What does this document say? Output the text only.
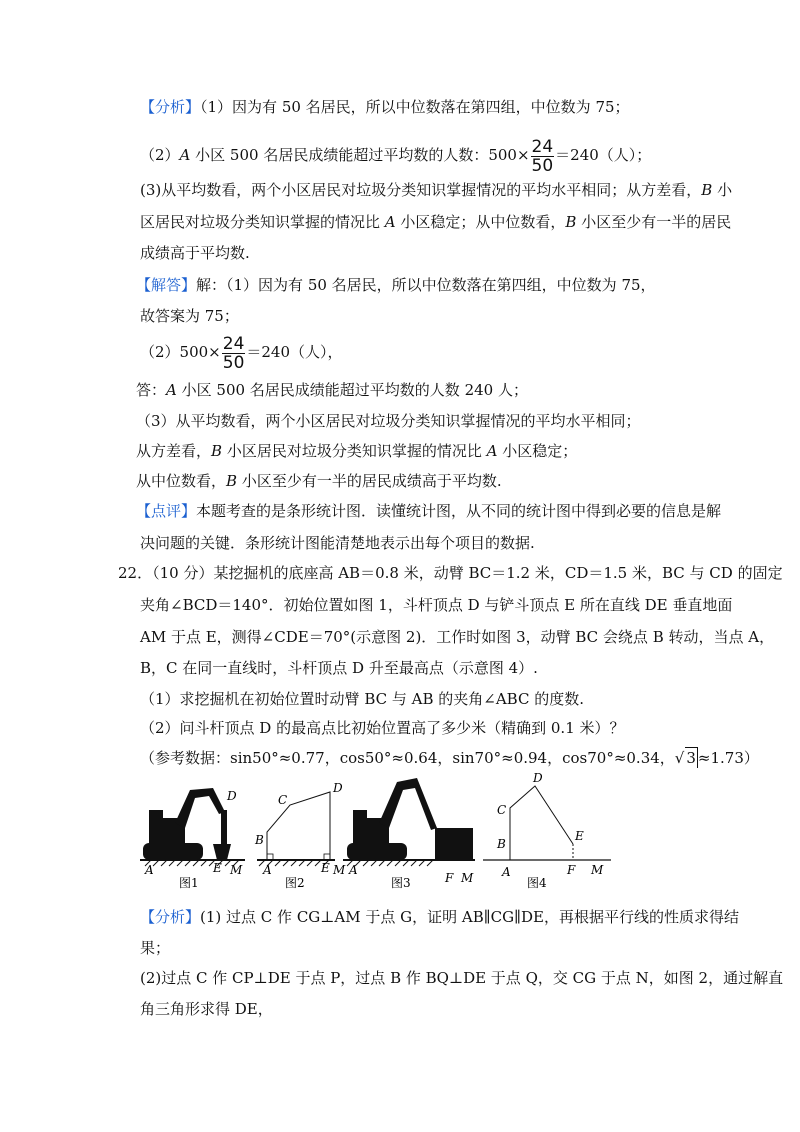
【分析】（1）因为有 50 名居民，所以中位数落在第四组，中位数为 75；
（2）A 小区 500 名居民成绩能超过平均数的人数：$500\times \frac{24}{50} =240$（人）；
(3)从平均数看，两个小区居民对垃圾分类知识掌握情况的平均水平相同；从方差看，B 小
区居民对垃圾分类知识掌握的情况比 A 小区稳定；从中位数看，B 小区至少有一半的居民
成绩高于平均数.
【解答】解：（1）因为有 50 名居民，所以中位数落在第四组，中位数为 75，
故答案为 75；
$(2)500\times \frac{24}{50} =240$（人），
答：A 小区 500 名居民成绩能超过平均数的人数 240 人；
（3）从平均数看，两个小区居民对垃圾分类知识掌握情况的平均水平相同；
从方差看，B 小区居民对垃圾分类知识掌握的情况比 A 小区稳定；
从中位数看，B 小区至少有一半的居民成绩高于平均数.
【点评】本题考查的是条形统计图．读懂统计图，从不同的统计图中得到必要的信息是解
决问题的关键．条形统计图能清楚地表示出每个项目的数据.
22．（10 分）某挖掘机的底座高 AB＝0.8 米，动臂 BC＝1.2 米，CD＝1.5 米，BC 与 CD 的固定
夹角∠BCD＝140°．初始位置如图 1，斗杆顶点 D 与铲斗顶点 E 所在直线 DE 垂直地面
AM 于点 E，测得∠CDE＝70°(示意图 2)．工作时如图 3，动臂 BC 会绕点 B 转动，当点 A，
B，C 在同一直线时，斗杆顶点 D 升至最高点（示意图 4）.
（1）求挖掘机在初始位置时动臂 BC 与 AB 的夹角∠ABC 的度数.
（2）问斗杆顶点 D 的最高点比初始位置高了多少米（精确到 0.1 米）？
（参考数据：sin50°≈0.77，cos50°≈0.64，sin70°≈0.94，cos70°≈0.34，√ 3 ≈1.73）
D
A	E M
图1
C
D
B
A	E M
图2
A
F M
图3
C
D
B
E
A	F M
图4
【分析】(1) 过点 C 作 CG⊥AM 于点 G，证明 AB∥CG∥DE，再根据平行线的性质求得结
果；
(2)过点 C 作 CP⊥DE 于点 P，过点 B 作 BQ⊥DE 于点 Q，交 CG 于点 N，如图 2，通过解直
角三角形求得 DE，
